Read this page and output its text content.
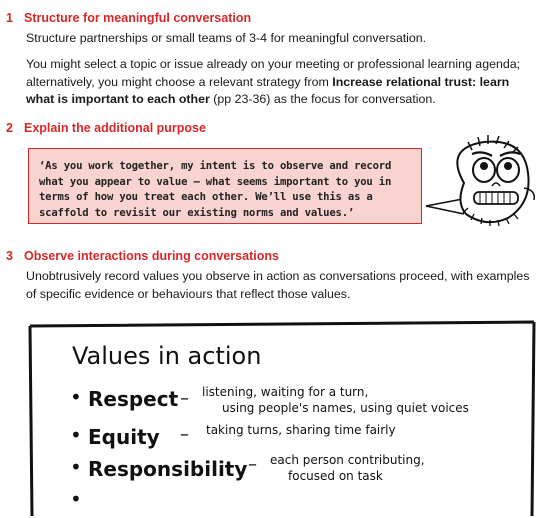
1 Structure for meaningful conversation
Structure partnerships or small teams of 3-4 for meaningful conversation.
You might select a topic or issue already on your meeting or professional learning agenda; alternatively, you might choose a relevant strategy from Increase relational trust: learn what is important to each other (pp 23-36) as the focus for conversation.
2 Explain the additional purpose
‘As you work together, my intent is to observe and record what you appear to value – what seems important to you in terms of how you treat each other. We’ll use this as a scaffold to revisit our existing norms and values.’
3 Observe interactions during conversations
Unobtrusively record values you observe in action as conversations proceed, with examples of specific evidence or behaviours that reflect those values.
Values in action
• Respect – listening, waiting for a turn,
using people's names, using quiet voices
• Equity – taking turns, sharing time fairly
• Responsibility – each person contributing,
focused on task
•
